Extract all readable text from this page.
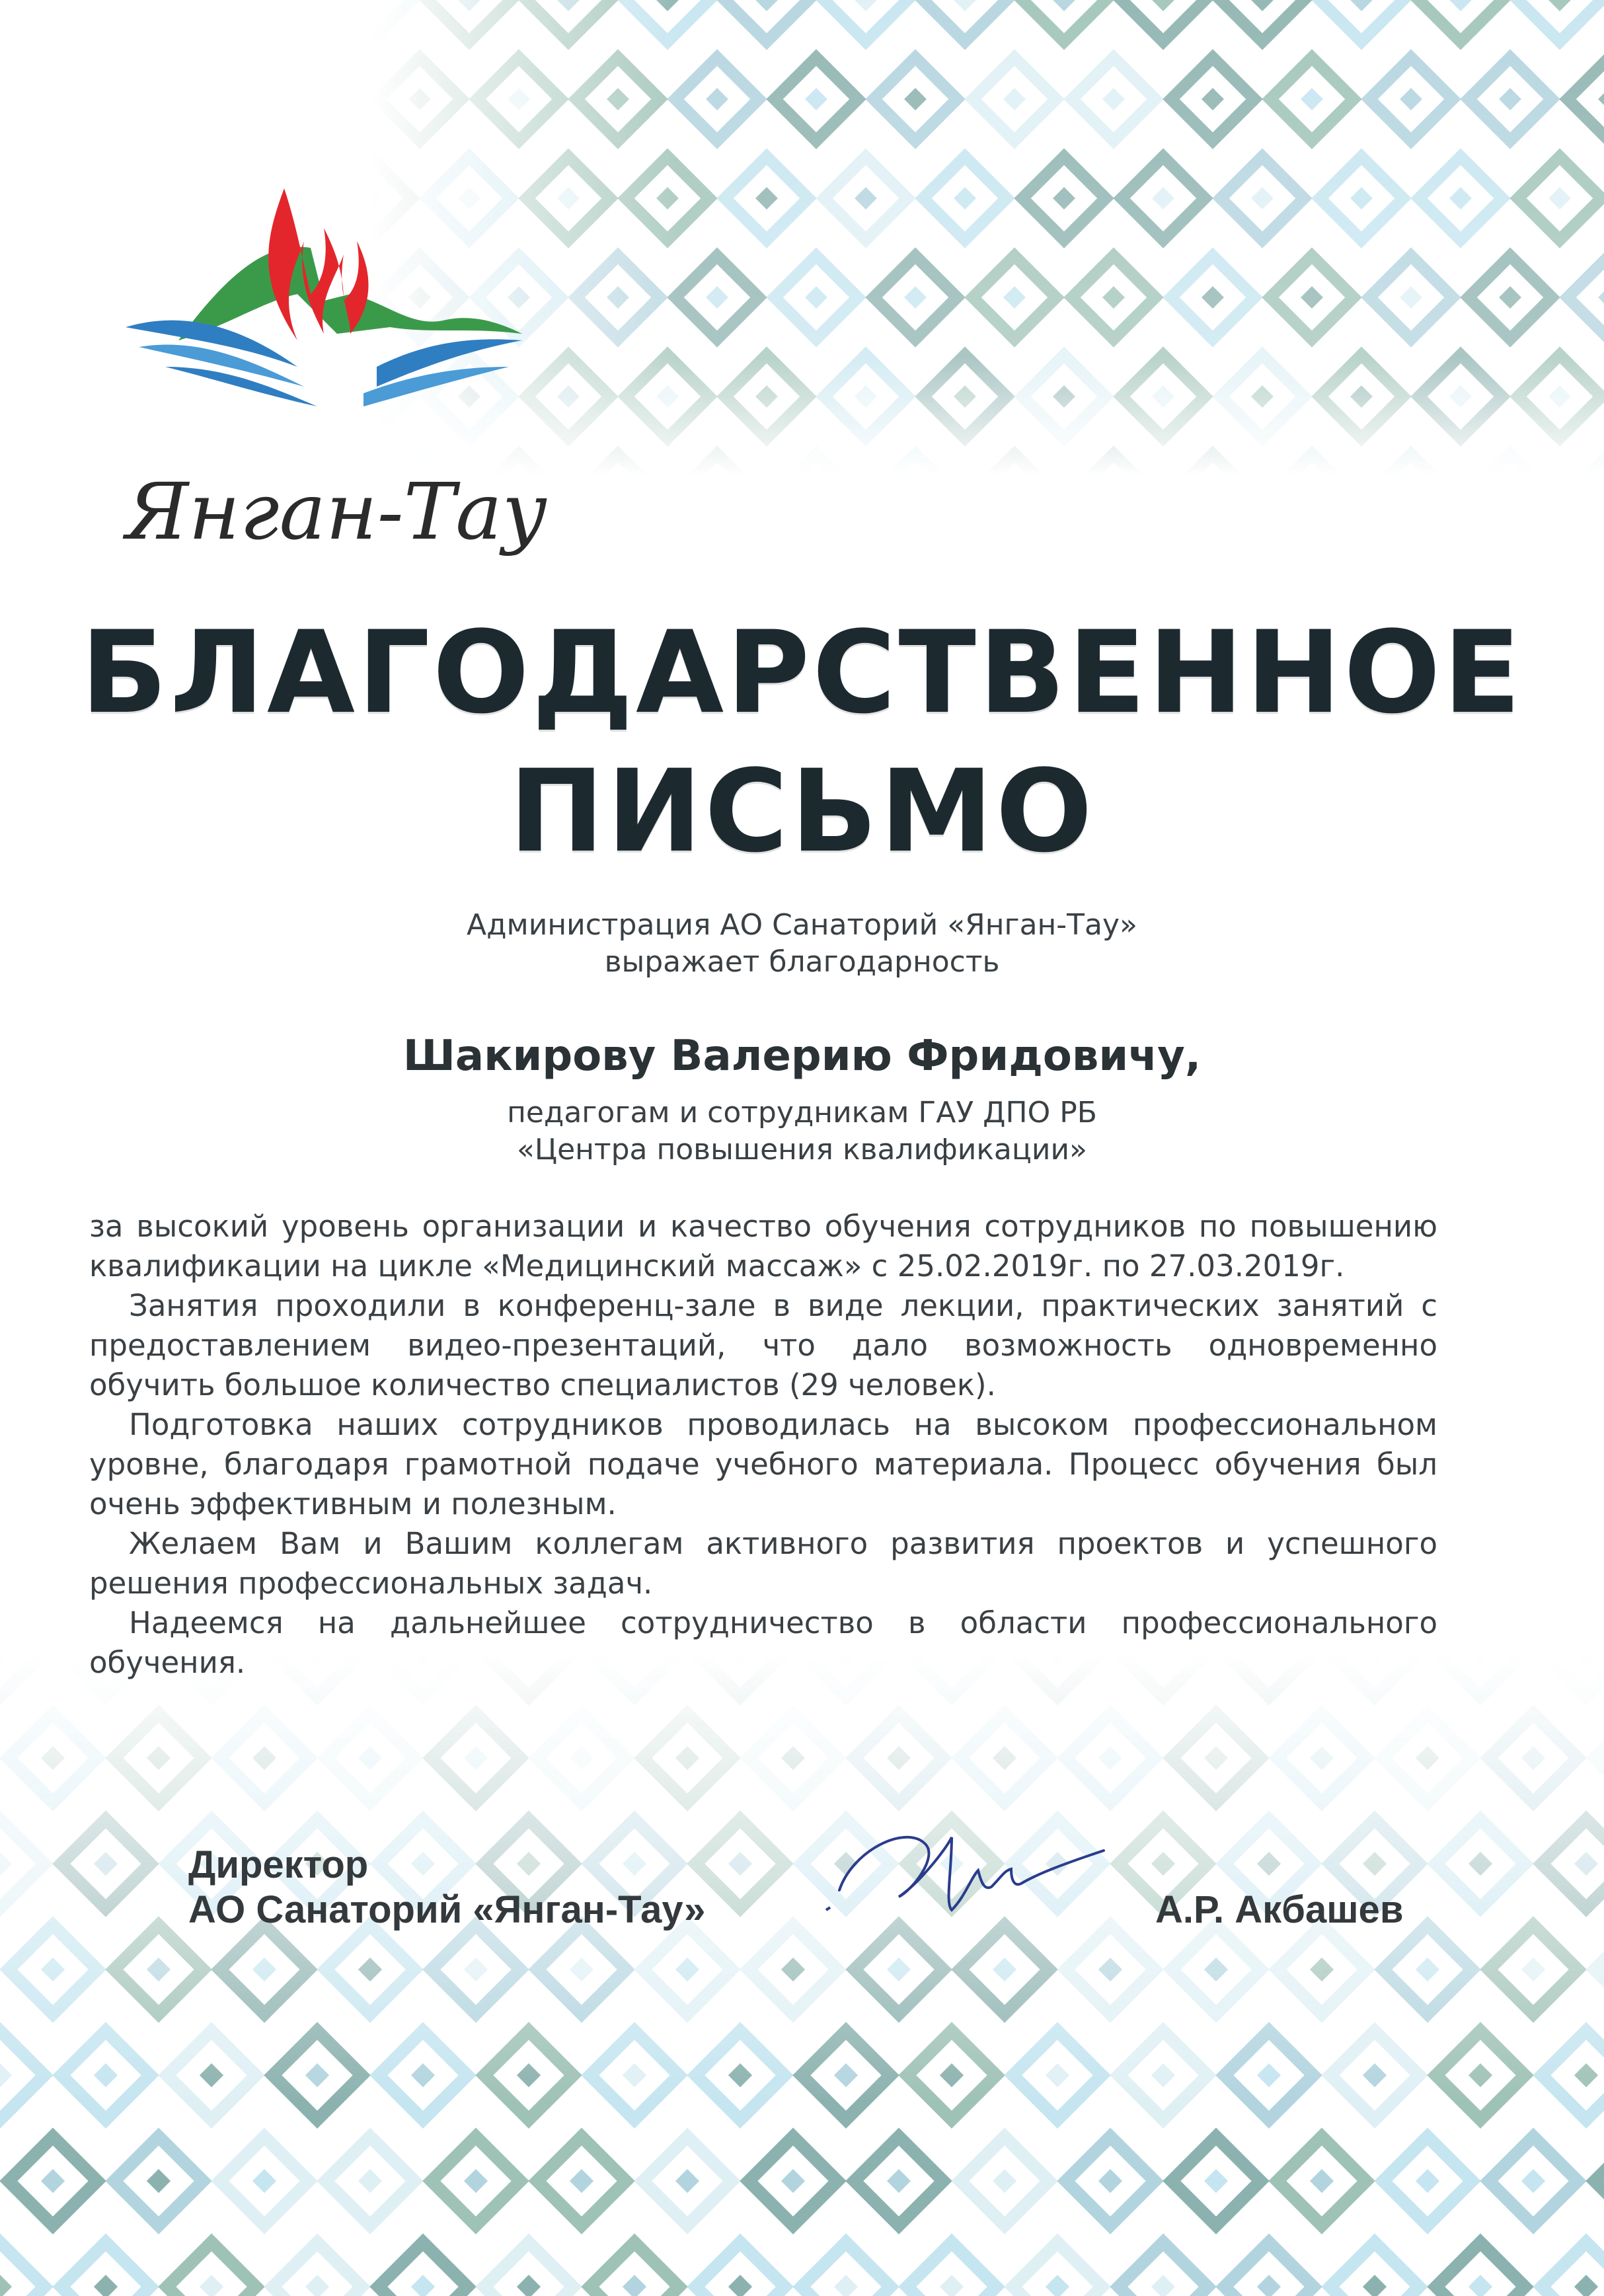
Янган-Тау
БЛАГОДАРСТВЕННОЕ
ПИСЬМО
Администрация АО Санаторий «Янган-Тау»
выражает благодарность
Шакирову Валерию Фридовичу,
педагогам и сотрудникам ГАУ ДПО РБ
«Центра повышения квалификации»

за высокий уровень организации и качество обучения сотрудников по повышению квалификации на цикле «Медицинский массаж» с 25.02.2019г. по 27.03.2019г.

Занятия проходили в конференц-зале в виде лекции, практических занятий с предоставлением видео-презентаций, что дало возможность одновременно обучить большое количество специалистов (29 человек).

Подготовка наших сотрудников проводилась на высоком профессиональном уровне, благодаря грамотной подаче учебного материала. Процесс обучения был очень эффективным и полезным.

Желаем Вам и Вашим коллегам активного развития проектов и успешного решения профессиональных задач.

Надеемся на дальнейшее сотрудничество в области профессионального обучения.

Директор
АО Санаторий «Янган-Тау»	А.Р. Акбашев
